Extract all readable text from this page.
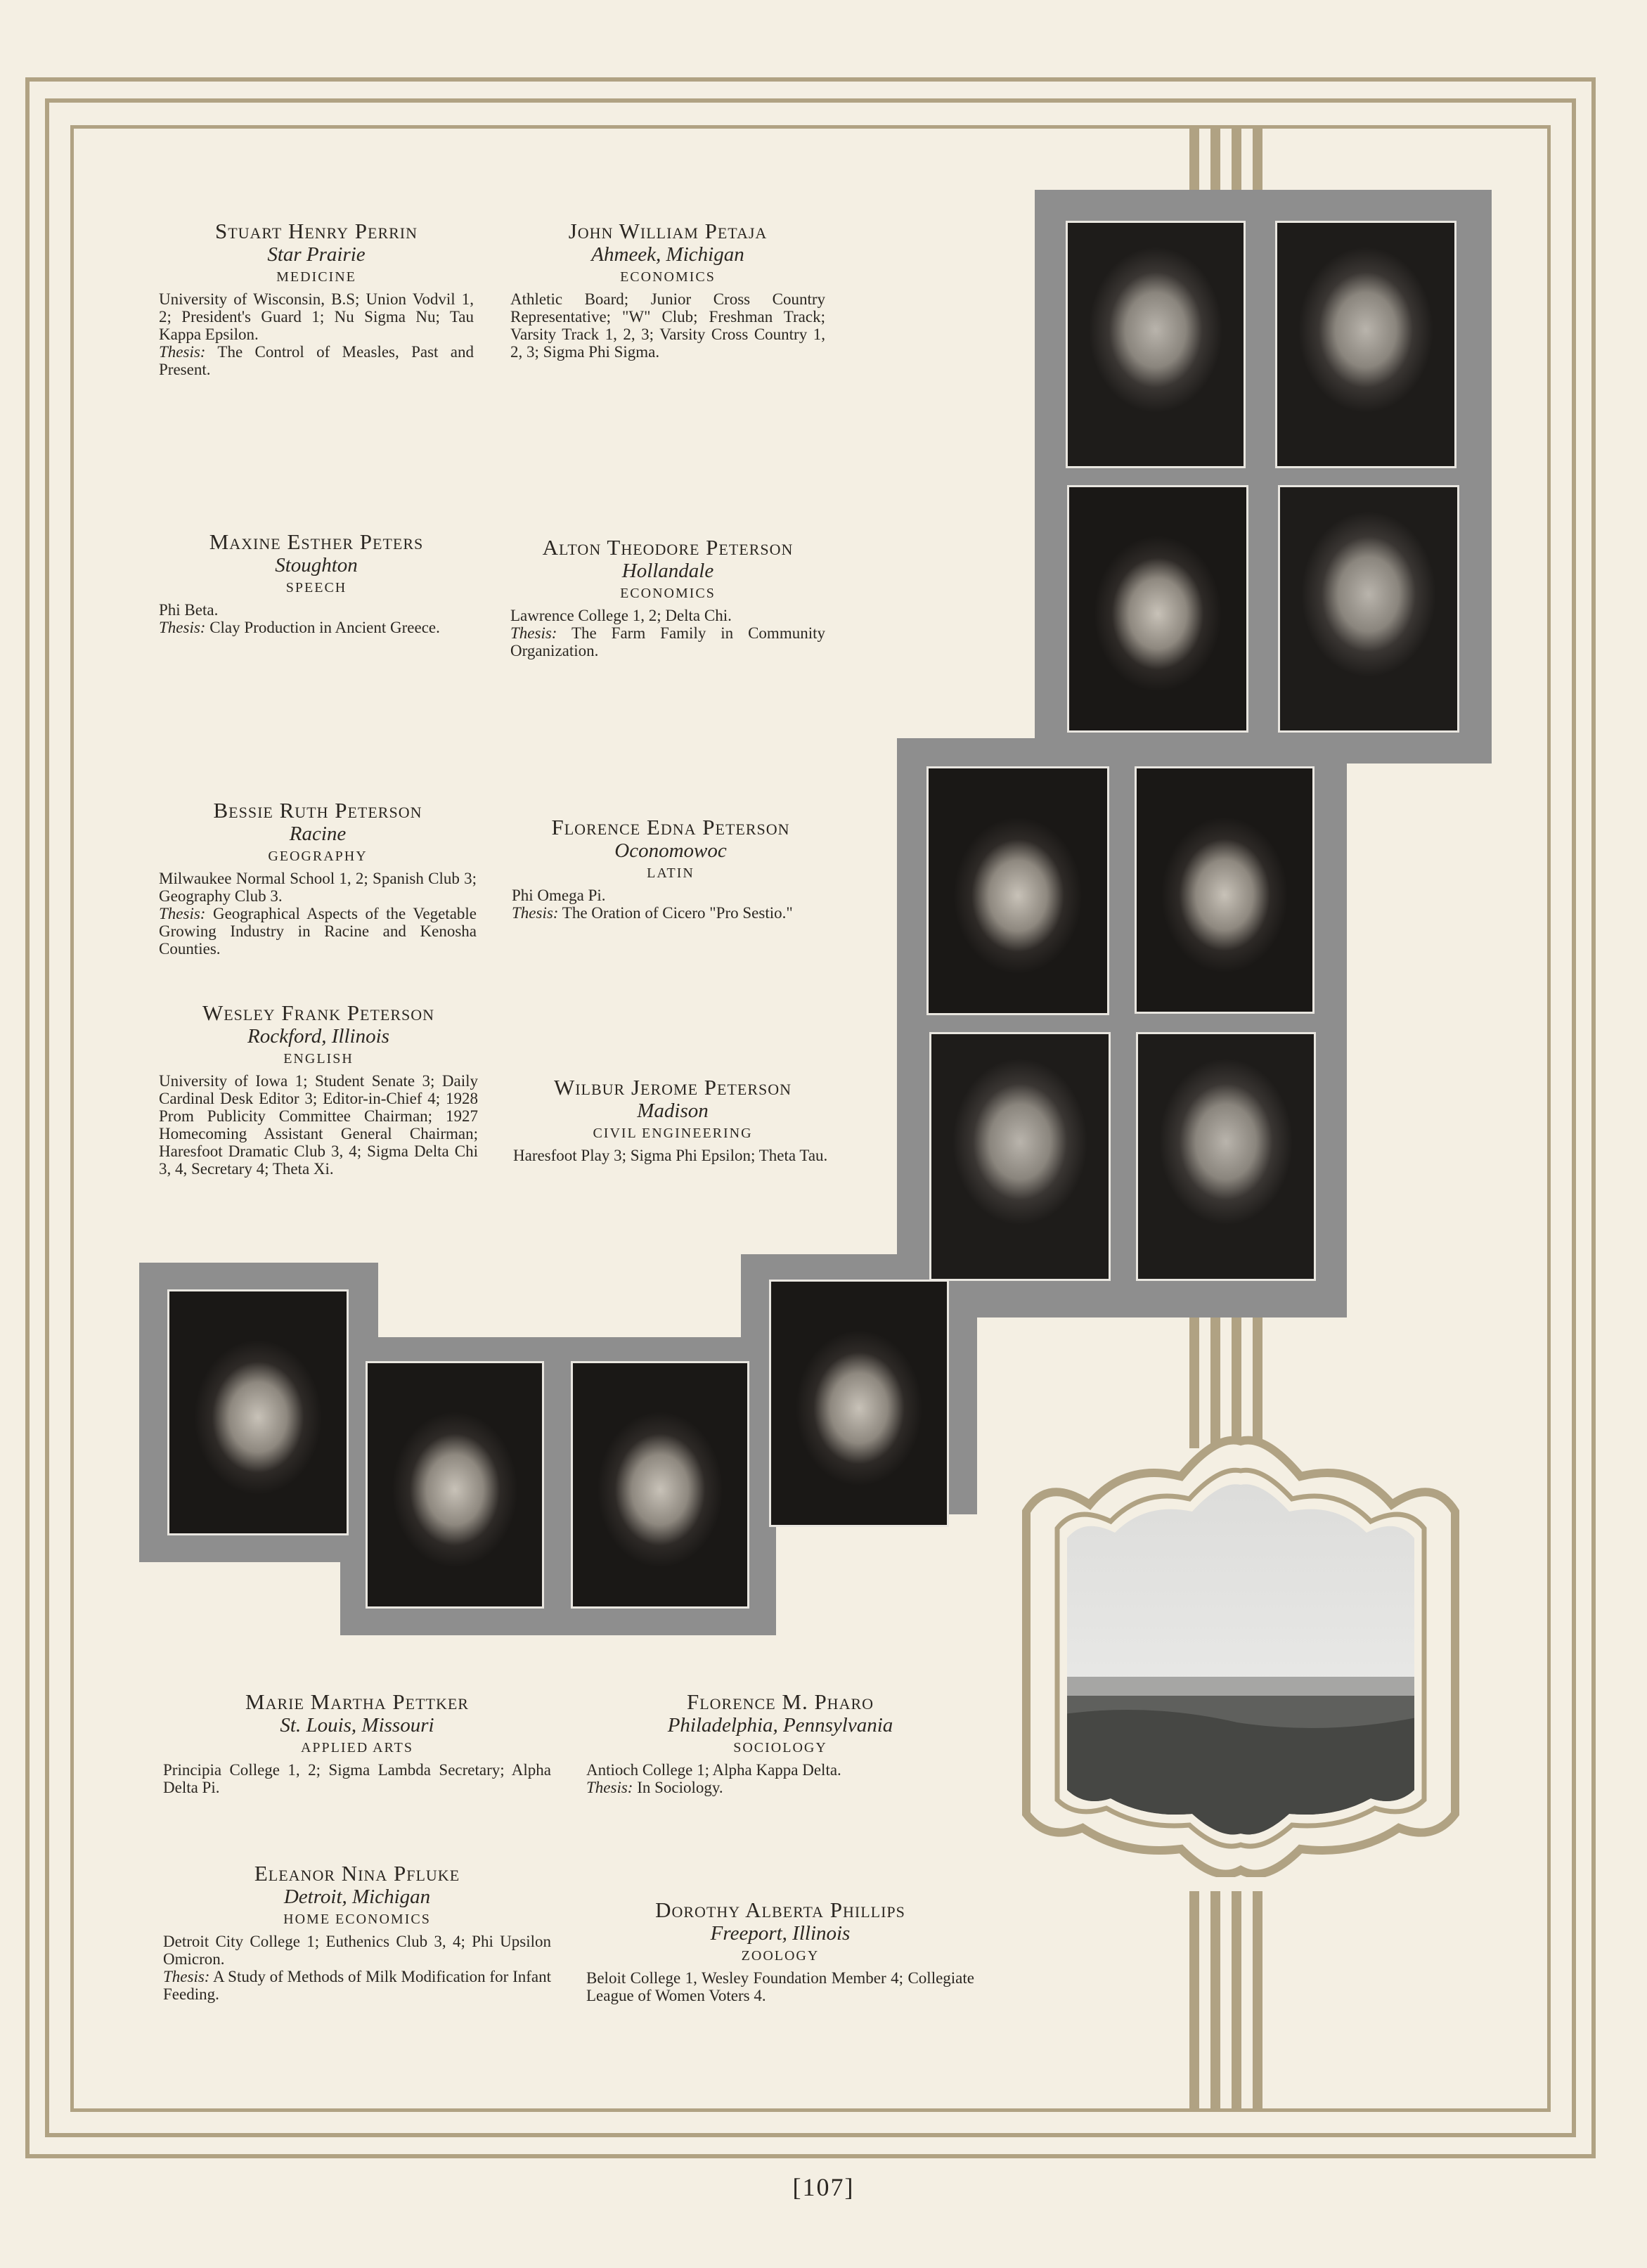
Stuart Henry Perrin
Star Prairie
MEDICINE
University of Wisconsin, B.S; Union Vodvil 1, 2; President's Guard 1; Nu Sigma Nu; Tau Kappa Epsilon.
Thesis: The Control of Measles, Past and Present.
John William Petaja
Ahmeek, Michigan
ECONOMICS
Athletic Board; Junior Cross Country Representative; "W" Club; Freshman Track; Varsity Track 1, 2, 3; Varsity Cross Country 1, 2, 3; Sigma Phi Sigma.
Maxine Esther Peters
Stoughton
SPEECH
Phi Beta.
Thesis: Clay Production in Ancient Greece.
Alton Theodore Peterson
Hollandale
ECONOMICS
Lawrence College 1, 2; Delta Chi.
Thesis: The Farm Family in Community Organization.
Bessie Ruth Peterson
Racine
GEOGRAPHY
Milwaukee Normal School 1, 2; Spanish Club 3; Geography Club 3.
Thesis: Geographical Aspects of the Vegetable Growing Industry in Racine and Kenosha Counties.
Florence Edna Peterson
Oconomowoc
LATIN
Phi Omega Pi.
Thesis: The Oration of Cicero "Pro Sestio."
Wesley Frank Peterson
Rockford, Illinois
ENGLISH
University of Iowa 1; Student Senate 3; Daily Cardinal Desk Editor 3; Editor-in-Chief 4; 1928 Prom Publicity Committee Chairman; 1927 Homecoming Assistant General Chairman; Haresfoot Dramatic Club 3, 4; Sigma Delta Chi 3, 4, Secretary 4; Theta Xi.
Wilbur Jerome Peterson
Madison
CIVIL ENGINEERING
Haresfoot Play 3; Sigma Phi Epsilon; Theta Tau.
Marie Martha Pettker
St. Louis, Missouri
APPLIED ARTS
Principia College 1, 2; Sigma Lambda Secretary; Alpha Delta Pi.
Florence M. Pharo
Philadelphia, Pennsylvania
SOCIOLOGY
Antioch College 1; Alpha Kappa Delta.
Thesis: In Sociology.
Eleanor Nina Pfluke
Detroit, Michigan
HOME ECONOMICS
Detroit City College 1; Euthenics Club 3, 4; Phi Upsilon Omicron.
Thesis: A Study of Methods of Milk Modification for Infant Feeding.
Dorothy Alberta Phillips
Freeport, Illinois
ZOOLOGY
Beloit College 1, Wesley Foundation Member 4; Collegiate League of Women Voters 4.
[107]
